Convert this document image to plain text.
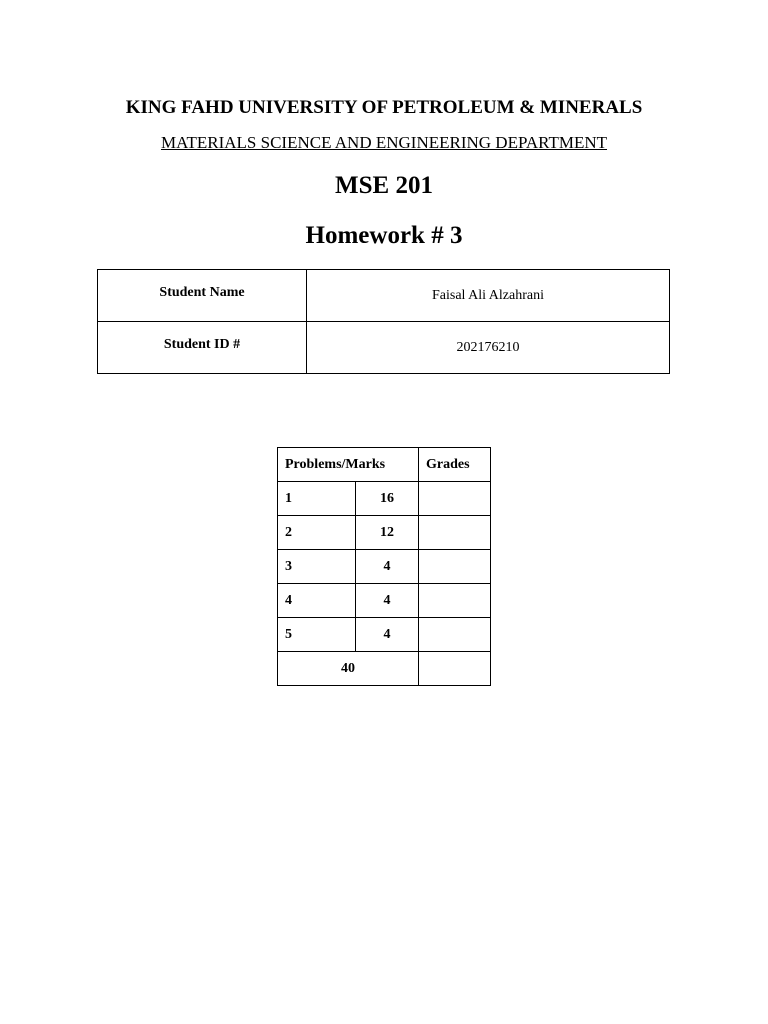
KING FAHD UNIVERSITY OF PETROLEUM & MINERALS
MATERIALS SCIENCE AND ENGINEERING DEPARTMENT
MSE 201
Homework # 3
Student Name	Faisal Ali Alzahrani
Student ID #	202176210
Problems/Marks		Grades
1	16	
2	12	
3	4	
4	4	
5	4	
40		
